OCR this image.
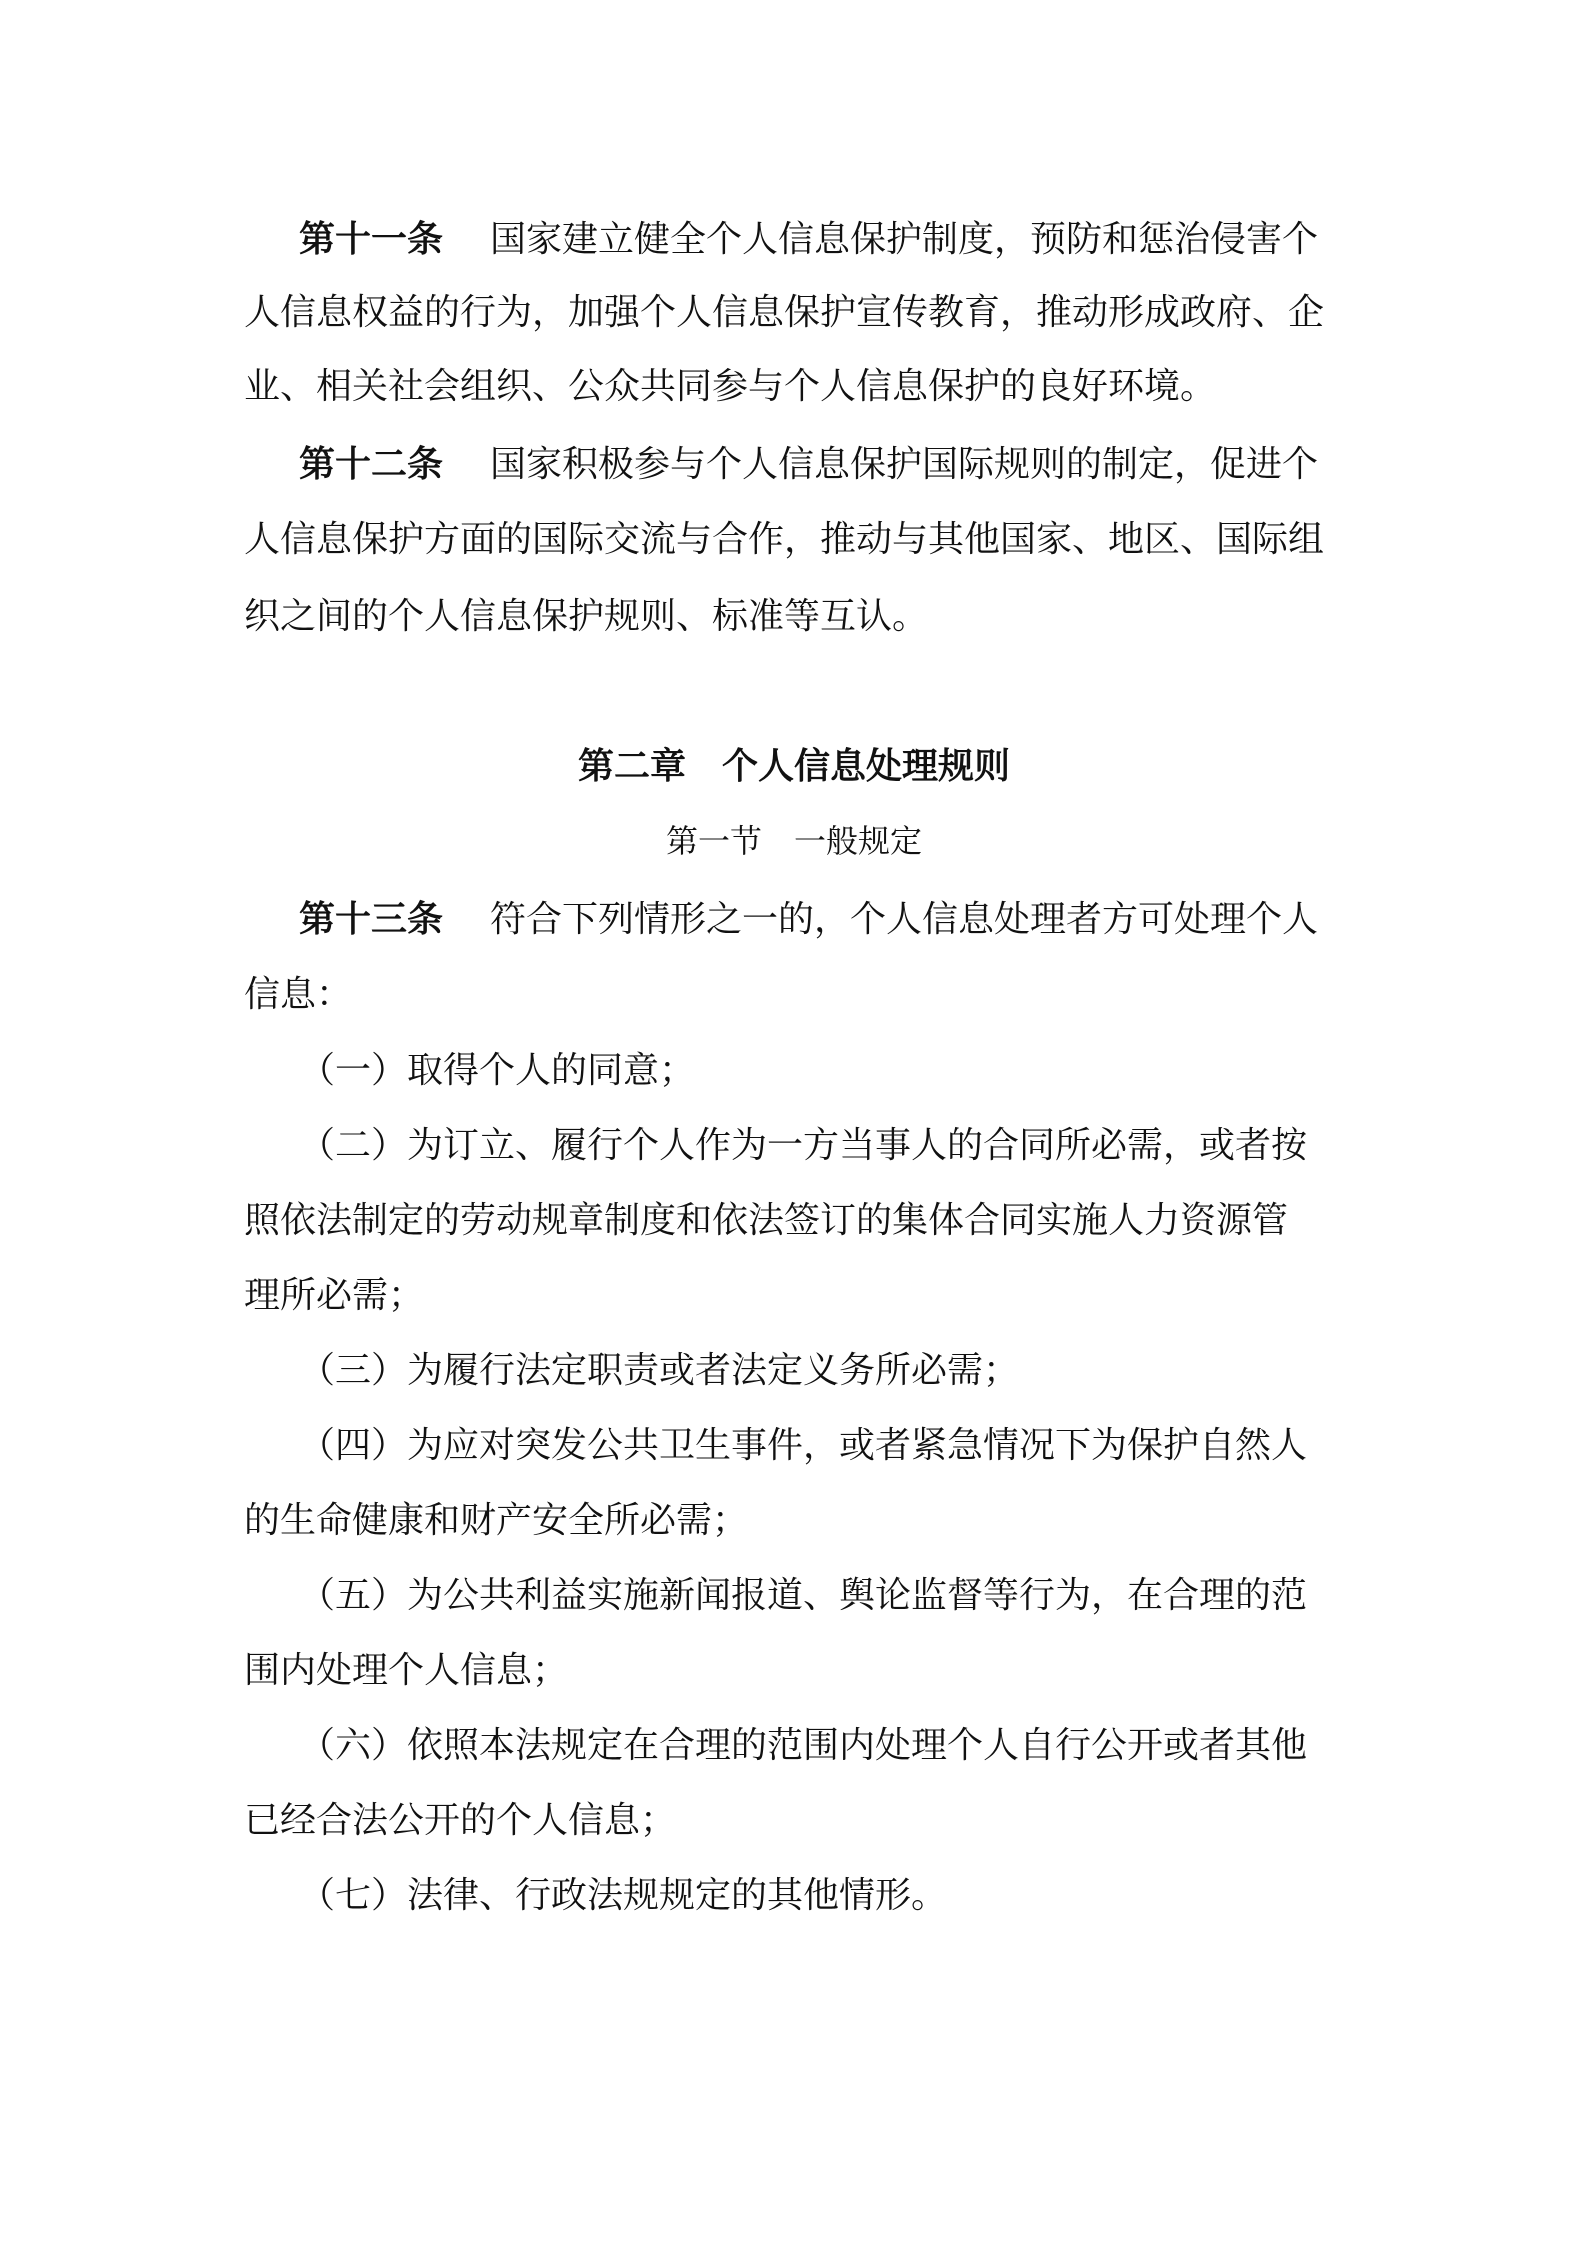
第十一条 国家建立健全个人信息保护制度，预防和惩治侵害个
人信息权益的行为，加强个人信息保护宣传教育，推动形成政府、企
业、相关社会组织、公众共同参与个人信息保护的良好环境。
第十二条 国家积极参与个人信息保护国际规则的制定，促进个
人信息保护方面的国际交流与合作，推动与其他国家、地区、国际组
织之间的个人信息保护规则、标准等互认。
第二章　个人信息处理规则
第一节　一般规定
第十三条 符合下列情形之一的，个人信息处理者方可处理个人
信息：
（一）取得个人的同意；
（二）为订立、履行个人作为一方当事人的合同所必需，或者按
照依法制定的劳动规章制度和依法签订的集体合同实施人力资源管
理所必需；
（三）为履行法定职责或者法定义务所必需；
（四）为应对突发公共卫生事件，或者紧急情况下为保护自然人
的生命健康和财产安全所必需；
（五）为公共利益实施新闻报道、舆论监督等行为，在合理的范
围内处理个人信息；
（六）依照本法规定在合理的范围内处理个人自行公开或者其他
已经合法公开的个人信息；
（七）法律、行政法规规定的其他情形。
